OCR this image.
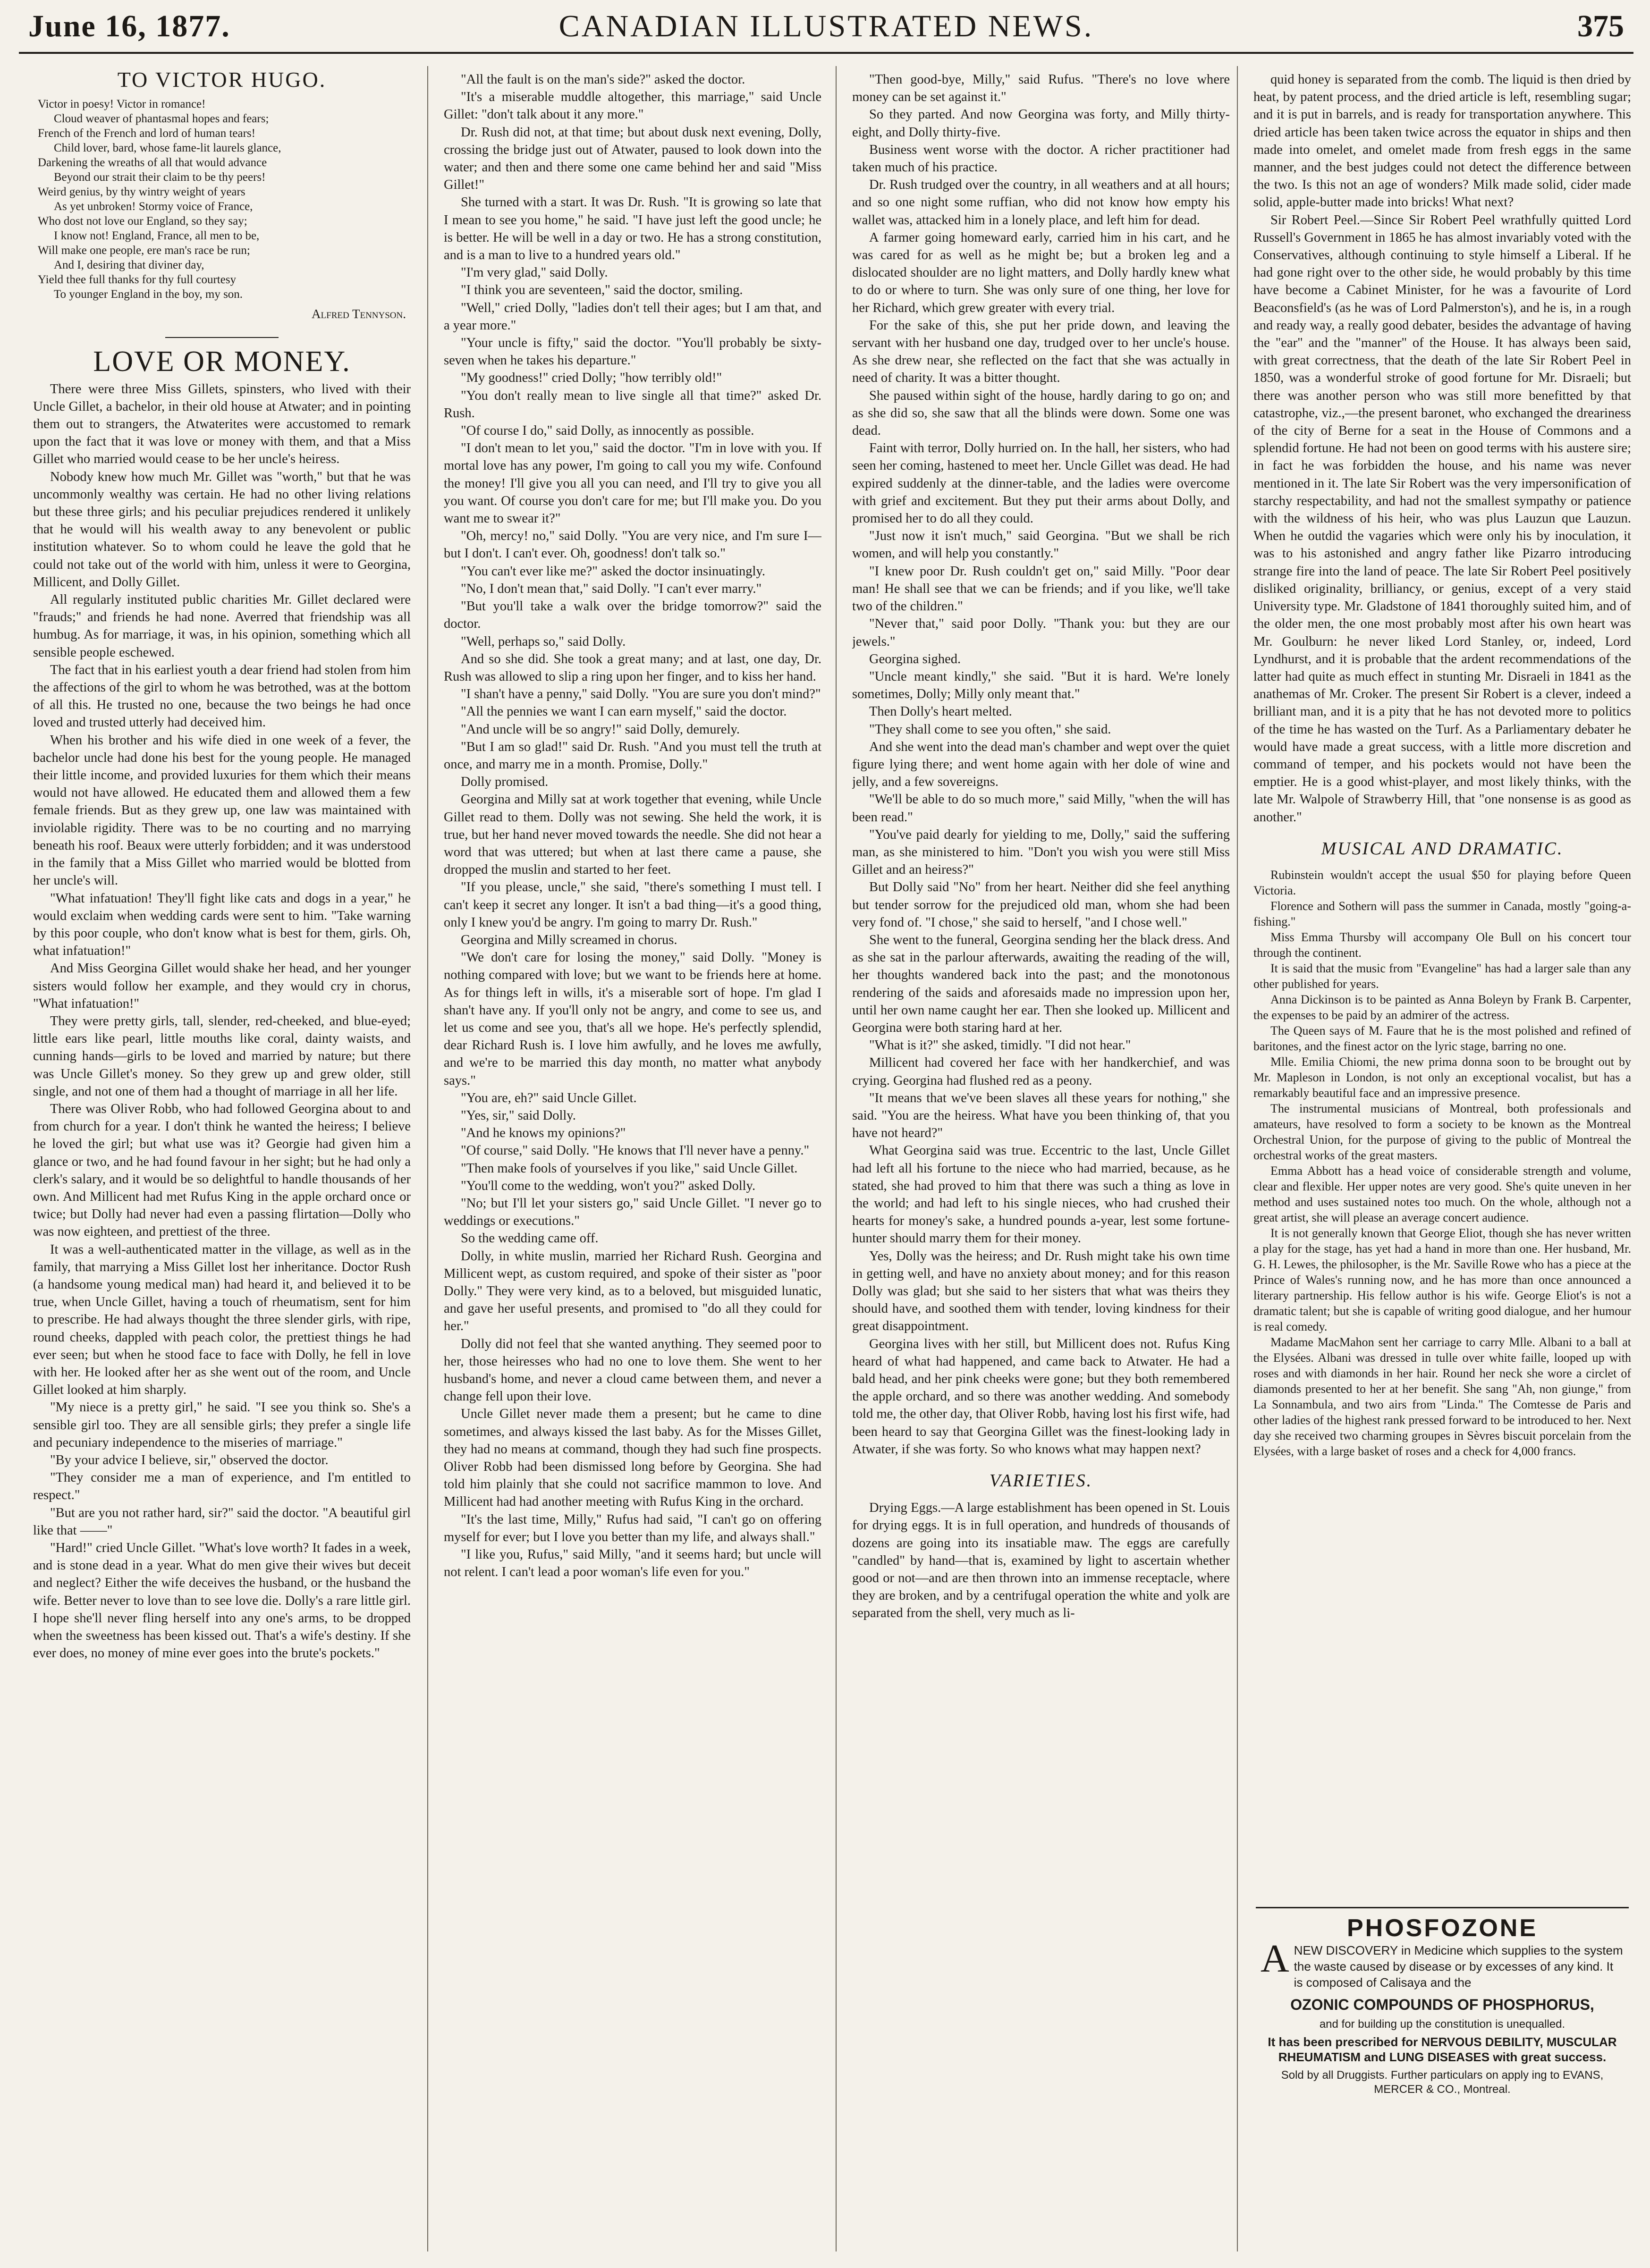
June 16, 1877.	CANADIAN ILLUSTRATED NEWS.	375
TO VICTOR HUGO.
Victor in poesy! Victor in romance!
Cloud weaver of phantasmal hopes and fears;
French of the French and lord of human tears!
Child lover, bard, whose fame-lit laurels glance,
Darkening the wreaths of all that would advance
Beyond our strait their claim to be thy peers!
Weird genius, by thy wintry weight of years
As yet unbroken! Stormy voice of France,
Who dost not love our England, so they say;
I know not! England, France, all men to be,
Will make one people, ere man's race be run;
And I, desiring that diviner day,
Yield thee full thanks for thy full courtesy
To younger England in the boy, my son.
Alfred Tennyson.
LOVE OR MONEY.

There were three Miss Gillets, spinsters, who lived with their Uncle Gillet, a bachelor, in their old house at Atwater; and in pointing them out to strangers, the Atwaterites were accustomed to remark upon the fact that it was love or money with them, and that a Miss Gillet who married would cease to be her uncle's heiress.

Nobody knew how much Mr. Gillet was "worth," but that he was uncommonly wealthy was certain. He had no other living relations but these three girls; and his peculiar prejudices rendered it unlikely that he would will his wealth away to any benevolent or public institution whatever. So to whom could he leave the gold that he could not take out of the world with him, unless it were to Georgina, Millicent, and Dolly Gillet.

All regularly instituted public charities Mr. Gillet declared were "frauds;" and friends he had none. Averred that friendship was all humbug. As for marriage, it was, in his opinion, something which all sensible people eschewed.

The fact that in his earliest youth a dear friend had stolen from him the affections of the girl to whom he was betrothed, was at the bottom of all this. He trusted no one, because the two beings he had once loved and trusted utterly had deceived him.

When his brother and his wife died in one week of a fever, the bachelor uncle had done his best for the young people. He managed their little income, and provided luxuries for them which their means would not have allowed. He educated them and allowed them a few female friends. But as they grew up, one law was maintained with inviolable rigidity. There was to be no courting and no marrying beneath his roof. Beaux were utterly forbidden; and it was understood in the family that a Miss Gillet who married would be blotted from her uncle's will.

"What infatuation! They'll fight like cats and dogs in a year," he would exclaim when wedding cards were sent to him. "Take warning by this poor couple, who don't know what is best for them, girls. Oh, what infatuation!"

And Miss Georgina Gillet would shake her head, and her younger sisters would follow her example, and they would cry in chorus, "What infatuation!"

They were pretty girls, tall, slender, red-cheeked, and blue-eyed; little ears like pearl, little mouths like coral, dainty waists, and cunning hands—girls to be loved and married by nature; but there was Uncle Gillet's money. So they grew up and grew older, still single, and not one of them had a thought of marriage in all her life.

There was Oliver Robb, who had followed Georgina about to and from church for a year. I don't think he wanted the heiress; I believe he loved the girl; but what use was it? Georgie had given him a glance or two, and he had found favour in her sight; but he had only a clerk's salary, and it would be so delightful to handle thousands of her own. And Millicent had met Rufus King in the apple orchard once or twice; but Dolly had never had even a passing flirtation—Dolly who was now eighteen, and prettiest of the three.

It was a well-authenticated matter in the village, as well as in the family, that marrying a Miss Gillet lost her inheritance. Doctor Rush (a handsome young medical man) had heard it, and believed it to be true, when Uncle Gillet, having a touch of rheumatism, sent for him to prescribe. He had always thought the three slender girls, with ripe, round cheeks, dappled with peach color, the prettiest things he had ever seen; but when he stood face to face with Dolly, he fell in love with her. He looked after her as she went out of the room, and Uncle Gillet looked at him sharply.

"My niece is a pretty girl," he said. "I see you think so. She's a sensible girl too. They are all sensible girls; they prefer a single life and pecuniary independence to the miseries of marriage."

"By your advice I believe, sir," observed the doctor.

"They consider me a man of experience, and I'm entitled to respect."

"But are you not rather hard, sir?" said the doctor. "A beautiful girl like that ——"

"Hard!" cried Uncle Gillet. "What's love worth? It fades in a week, and is stone dead in a year. What do men give their wives but deceit and neglect? Either the wife deceives the husband, or the husband the wife. Better never to love than to see love die. Dolly's a rare little girl. I hope she'll never fling herself into any one's arms, to be dropped when the sweetness has been kissed out. That's a wife's destiny. If she ever does, no money of mine ever goes into the brute's pockets."

"All the fault is on the man's side?" asked the doctor.

"It's a miserable muddle altogether, this marriage," said Uncle Gillet: "don't talk about it any more."

Dr. Rush did not, at that time; but about dusk next evening, Dolly, crossing the bridge just out of Atwater, paused to look down into the water; and then and there some one came behind her and said "Miss Gillet!"

She turned with a start. It was Dr. Rush. "It is growing so late that I mean to see you home," he said. "I have just left the good uncle; he is better. He will be well in a day or two. He has a strong constitution, and is a man to live to a hundred years old."

"I'm very glad," said Dolly.

"I think you are seventeen," said the doctor, smiling.

"Well," cried Dolly, "ladies don't tell their ages; but I am that, and a year more."

"Your uncle is fifty," said the doctor. "You'll probably be sixty-seven when he takes his departure."

"My goodness!" cried Dolly; "how terribly old!"

"You don't really mean to live single all that time?" asked Dr. Rush.

"Of course I do," said Dolly, as innocently as possible.

"I don't mean to let you," said the doctor. "I'm in love with you. If mortal love has any power, I'm going to call you my wife. Confound the money! I'll give you all you can need, and I'll try to give you all you want. Of course you don't care for me; but I'll make you. Do you want me to swear it?"

"Oh, mercy! no," said Dolly. "You are very nice, and I'm sure I—but I don't. I can't ever. Oh, goodness! don't talk so."

"You can't ever like me?" asked the doctor insinuatingly.

"No, I don't mean that," said Dolly. "I can't ever marry."

"But you'll take a walk over the bridge tomorrow?" said the doctor.

"Well, perhaps so," said Dolly.

And so she did. She took a great many; and at last, one day, Dr. Rush was allowed to slip a ring upon her finger, and to kiss her hand.

"I shan't have a penny," said Dolly. "You are sure you don't mind?"

"All the pennies we want I can earn myself," said the doctor.

"And uncle will be so angry!" said Dolly, demurely.

"But I am so glad!" said Dr. Rush. "And you must tell the truth at once, and marry me in a month. Promise, Dolly."

Dolly promised.

Georgina and Milly sat at work together that evening, while Uncle Gillet read to them. Dolly was not sewing. She held the work, it is true, but her hand never moved towards the needle. She did not hear a word that was uttered; but when at last there came a pause, she dropped the muslin and started to her feet.

"If you please, uncle," she said, "there's something I must tell. I can't keep it secret any longer. It isn't a bad thing—it's a good thing, only I knew you'd be angry. I'm going to marry Dr. Rush."

Georgina and Milly screamed in chorus.

"We don't care for losing the money," said Dolly. "Money is nothing compared with love; but we want to be friends here at home. As for things left in wills, it's a miserable sort of hope. I'm glad I shan't have any. If you'll only not be angry, and come to see us, and let us come and see you, that's all we hope. He's perfectly splendid, dear Richard Rush is. I love him awfully, and he loves me awfully, and we're to be married this day month, no matter what anybody says."

"You are, eh?" said Uncle Gillet.

"Yes, sir," said Dolly.

"And he knows my opinions?"

"Of course," said Dolly. "He knows that I'll never have a penny."

"Then make fools of yourselves if you like," said Uncle Gillet.

"You'll come to the wedding, won't you?" asked Dolly.

"No; but I'll let your sisters go," said Uncle Gillet. "I never go to weddings or executions."

So the wedding came off.

Dolly, in white muslin, married her Richard Rush. Georgina and Millicent wept, as custom required, and spoke of their sister as "poor Dolly." They were very kind, as to a beloved, but misguided lunatic, and gave her useful presents, and promised to "do all they could for her."

Dolly did not feel that she wanted anything. They seemed poor to her, those heiresses who had no one to love them. She went to her husband's home, and never a cloud came between them, and never a change fell upon their love.

Uncle Gillet never made them a present; but he came to dine sometimes, and always kissed the last baby. As for the Misses Gillet, they had no means at command, though they had such fine prospects. Oliver Robb had been dismissed long before by Georgina. She had told him plainly that she could not sacrifice mammon to love. And Millicent had had another meeting with Rufus King in the orchard.

"It's the last time, Milly," Rufus had said, "I can't go on offering myself for ever; but I love you better than my life, and always shall."

"I like you, Rufus," said Milly, "and it seems hard; but uncle will not relent. I can't lead a poor woman's life even for you."

"Then good-bye, Milly," said Rufus. "There's no love where money can be set against it."

So they parted. And now Georgina was forty, and Milly thirty-eight, and Dolly thirty-five.

Business went worse with the doctor. A richer practitioner had taken much of his practice.

Dr. Rush trudged over the country, in all weathers and at all hours; and so one night some ruffian, who did not know how empty his wallet was, attacked him in a lonely place, and left him for dead.

A farmer going homeward early, carried him in his cart, and he was cared for as well as he might be; but a broken leg and a dislocated shoulder are no light matters, and Dolly hardly knew what to do or where to turn. She was only sure of one thing, her love for her Richard, which grew greater with every trial.

For the sake of this, she put her pride down, and leaving the servant with her husband one day, trudged over to her uncle's house. As she drew near, she reflected on the fact that she was actually in need of charity. It was a bitter thought.

She paused within sight of the house, hardly daring to go on; and as she did so, she saw that all the blinds were down. Some one was dead.

Faint with terror, Dolly hurried on. In the hall, her sisters, who had seen her coming, hastened to meet her. Uncle Gillet was dead. He had expired suddenly at the dinner-table, and the ladies were overcome with grief and excitement. But they put their arms about Dolly, and promised her to do all they could.

"Just now it isn't much," said Georgina. "But we shall be rich women, and will help you constantly."

"I knew poor Dr. Rush couldn't get on," said Milly. "Poor dear man! He shall see that we can be friends; and if you like, we'll take two of the children."

"Never that," said poor Dolly. "Thank you: but they are our jewels."

Georgina sighed.

"Uncle meant kindly," she said. "But it is hard. We're lonely sometimes, Dolly; Milly only meant that."

Then Dolly's heart melted.

"They shall come to see you often," she said.

And she went into the dead man's chamber and wept over the quiet figure lying there; and went home again with her dole of wine and jelly, and a few sovereigns.

"We'll be able to do so much more," said Milly, "when the will has been read."

"You've paid dearly for yielding to me, Dolly," said the suffering man, as she ministered to him. "Don't you wish you were still Miss Gillet and an heiress?"

But Dolly said "No" from her heart. Neither did she feel anything but tender sorrow for the prejudiced old man, whom she had been very fond of. "I chose," she said to herself, "and I chose well."

She went to the funeral, Georgina sending her the black dress. And as she sat in the parlour afterwards, awaiting the reading of the will, her thoughts wandered back into the past; and the monotonous rendering of the saids and aforesaids made no impression upon her, until her own name caught her ear. Then she looked up. Millicent and Georgina were both staring hard at her.

"What is it?" she asked, timidly. "I did not hear."

Millicent had covered her face with her handkerchief, and was crying. Georgina had flushed red as a peony.

"It means that we've been slaves all these years for nothing," she said. "You are the heiress. What have you been thinking of, that you have not heard?"

What Georgina said was true. Eccentric to the last, Uncle Gillet had left all his fortune to the niece who had married, because, as he stated, she had proved to him that there was such a thing as love in the world; and had left to his single nieces, who had crushed their hearts for money's sake, a hundred pounds a-year, lest some fortune-hunter should marry them for their money.

Yes, Dolly was the heiress; and Dr. Rush might take his own time in getting well, and have no anxiety about money; and for this reason Dolly was glad; but she said to her sisters that what was theirs they should have, and soothed them with tender, loving kindness for their great disappointment.

Georgina lives with her still, but Millicent does not. Rufus King heard of what had happened, and came back to Atwater. He had a bald head, and her pink cheeks were gone; but they both remembered the apple orchard, and so there was another wedding. And somebody told me, the other day, that Oliver Robb, having lost his first wife, had been heard to say that Georgina Gillet was the finest-looking lady in Atwater, if she was forty. So who knows what may happen next?

VARIETIES.

Drying Eggs.—A large establishment has been opened in St. Louis for drying eggs. It is in full operation, and hundreds of thousands of dozens are going into its insatiable maw. The eggs are carefully "candled" by hand—that is, examined by light to ascertain whether good or not—and are then thrown into an immense receptacle, where they are broken, and by a centrifugal operation the white and yolk are separated from the shell, very much as li-

quid honey is separated from the comb. The liquid is then dried by heat, by patent process, and the dried article is left, resembling sugar; and it is put in barrels, and is ready for transportation anywhere. This dried article has been taken twice across the equator in ships and then made into omelet, and omelet made from fresh eggs in the same manner, and the best judges could not detect the difference between the two. Is this not an age of wonders? Milk made solid, cider made solid, apple-butter made into bricks! What next?

Sir Robert Peel.—Since Sir Robert Peel wrathfully quitted Lord Russell's Government in 1865 he has almost invariably voted with the Conservatives, although continuing to style himself a Liberal. If he had gone right over to the other side, he would probably by this time have become a Cabinet Minister, for he was a favourite of Lord Beaconsfield's (as he was of Lord Palmerston's), and he is, in a rough and ready way, a really good debater, besides the advantage of having the "ear" and the "manner" of the House. It has always been said, with great correctness, that the death of the late Sir Robert Peel in 1850, was a wonderful stroke of good fortune for Mr. Disraeli; but there was another person who was still more benefitted by that catastrophe, viz.,—the present baronet, who exchanged the dreariness of the city of Berne for a seat in the House of Commons and a splendid fortune. He had not been on good terms with his austere sire; in fact he was forbidden the house, and his name was never mentioned in it. The late Sir Robert was the very impersonification of starchy respectability, and had not the smallest sympathy or patience with the wildness of his heir, who was plus Lauzun que Lauzun. When he outdid the vagaries which were only his by inoculation, it was to his astonished and angry father like Pizarro introducing strange fire into the land of peace. The late Sir Robert Peel positively disliked originality, brilliancy, or genius, except of a very staid University type. Mr. Gladstone of 1841 thoroughly suited him, and of the older men, the one most probably most after his own heart was Mr. Goulburn: he never liked Lord Stanley, or, indeed, Lord Lyndhurst, and it is probable that the ardent recommendations of the latter had quite as much effect in stunting Mr. Disraeli in 1841 as the anathemas of Mr. Croker. The present Sir Robert is a clever, indeed a brilliant man, and it is a pity that he has not devoted more to politics of the time he has wasted on the Turf. As a Parliamentary debater he would have made a great success, with a little more discretion and command of temper, and his pockets would not have been the emptier. He is a good whist-player, and most likely thinks, with the late Mr. Walpole of Strawberry Hill, that "one nonsense is as good as another."

MUSICAL AND DRAMATIC.

Rubinstein wouldn't accept the usual $50 for playing before Queen Victoria.

Florence and Sothern will pass the summer in Canada, mostly "going-a-fishing."

Miss Emma Thursby will accompany Ole Bull on his concert tour through the continent.

It is said that the music from "Evangeline" has had a larger sale than any other published for years.

Anna Dickinson is to be painted as Anna Boleyn by Frank B. Carpenter, the expenses to be paid by an admirer of the actress.

The Queen says of M. Faure that he is the most polished and refined of baritones, and the finest actor on the lyric stage, barring no one.

Mlle. Emilia Chiomi, the new prima donna soon to be brought out by Mr. Mapleson in London, is not only an exceptional vocalist, but has a remarkably beautiful face and an impressive presence.

The instrumental musicians of Montreal, both professionals and amateurs, have resolved to form a society to be known as the Montreal Orchestral Union, for the purpose of giving to the public of Montreal the orchestral works of the great masters.

Emma Abbott has a head voice of considerable strength and volume, clear and flexible. Her upper notes are very good. She's quite uneven in her method and uses sustained notes too much. On the whole, although not a great artist, she will please an average concert audience.

It is not generally known that George Eliot, though she has never written a play for the stage, has yet had a hand in more than one. Her husband, Mr. G. H. Lewes, the philosopher, is the Mr. Saville Rowe who has a piece at the Prince of Wales's running now, and he has more than once announced a literary partnership. His fellow author is his wife. George Eliot's is not a dramatic talent; but she is capable of writing good dialogue, and her humour is real comedy.

Madame MacMahon sent her carriage to carry Mlle. Albani to a ball at the Elysées. Albani was dressed in tulle over white faille, looped up with roses and with diamonds in her hair. Round her neck she wore a circlet of diamonds presented to her at her benefit. She sang "Ah, non giunge," from La Sonnambula, and two airs from "Linda." The Comtesse de Paris and other ladies of the highest rank pressed forward to be introduced to her. Next day she received two charming groupes in Sèvres biscuit porcelain from the Elysées, with a large basket of roses and a check for 4,000 francs.

PHOSFOZONE
A NEW DISCOVERY in Medicine which supplies to the system the waste caused by disease or by excesses of any kind. It is composed of Calisaya and the
OZONIC COMPOUNDS OF PHOSPHORUS,
and for building up the constitution is unequalled.
It has been prescribed for NERVOUS DEBILITY, MUSCULAR RHEUMATISM and LUNG DISEASES with great success.
Sold by all Druggists. Further particulars on apply ing to EVANS, MERCER & CO., Montreal.
